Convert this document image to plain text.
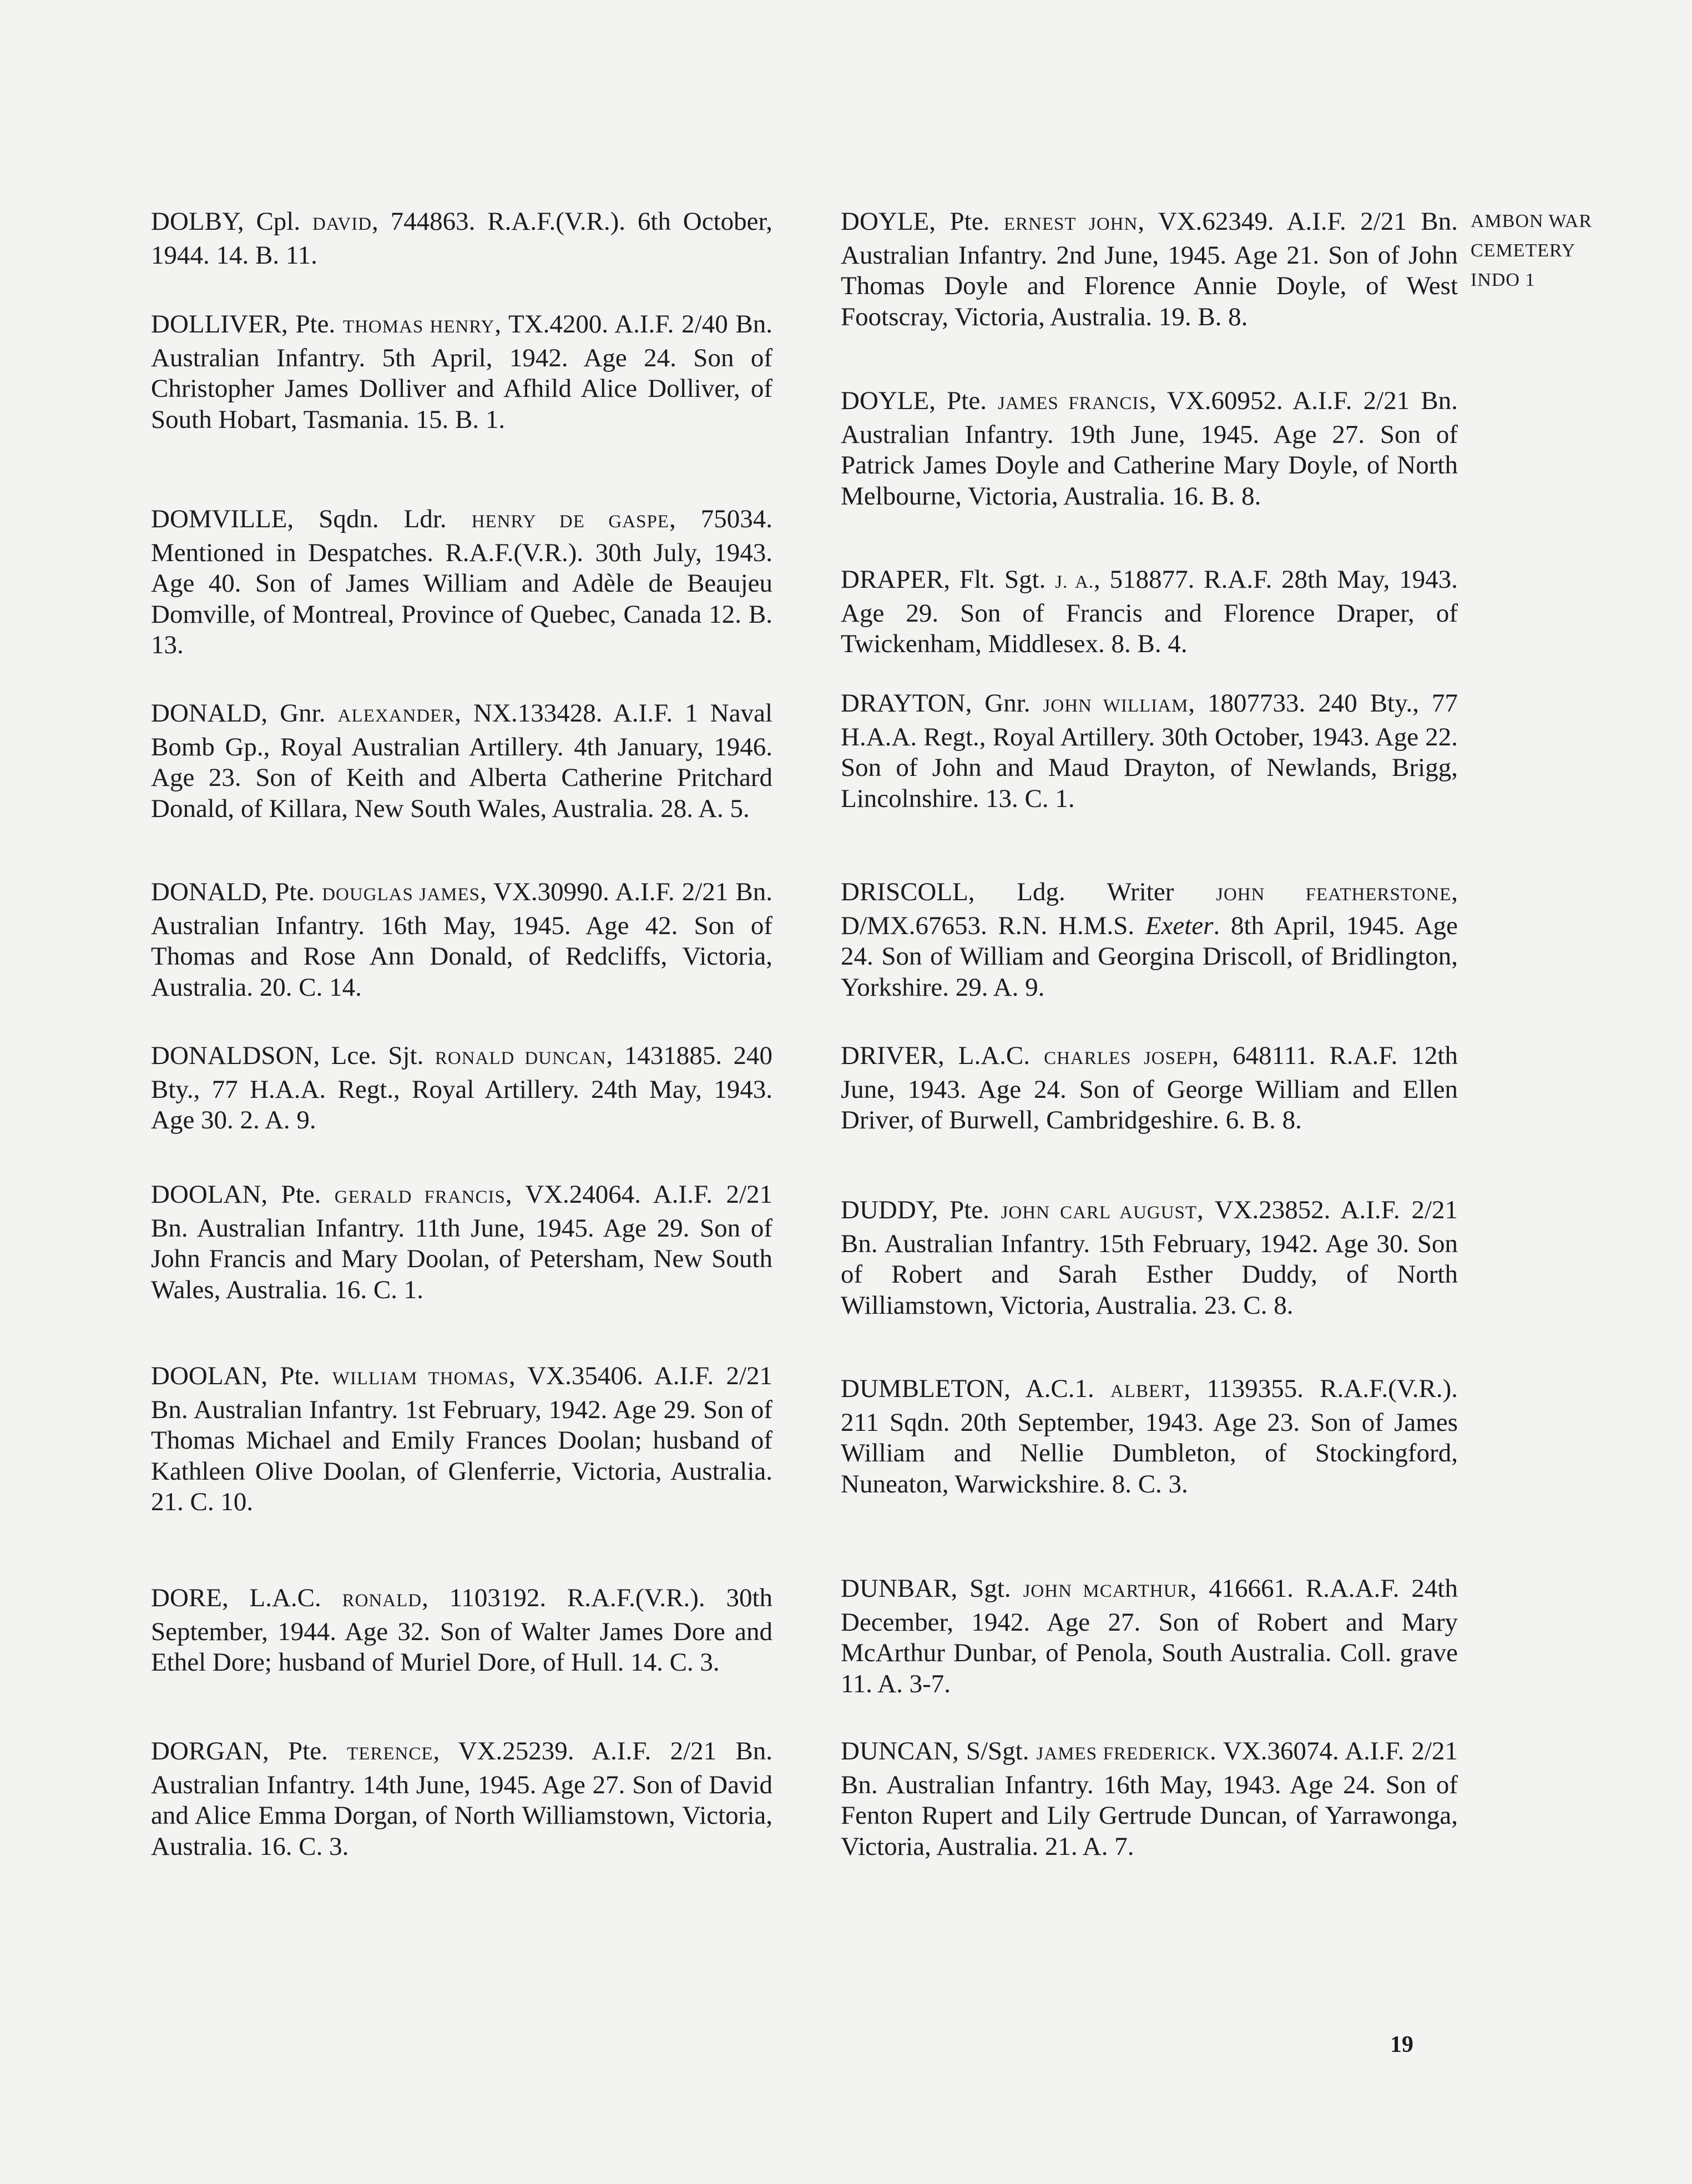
DOLBY, Cpl. DAVID, 744863. R.A.F.(V.R.). 6th October, 1944. 14. B. 11.

DOLLIVER, Pte. THOMAS HENRY, TX.4200. A.I.F. 2/40 Bn. Australian Infantry. 5th April, 1942. Age 24. Son of Christopher James Dolliver and Afhild Alice Dolliver, of South Hobart, Tasmania. 15. B. 1.

DOMVILLE, Sqdn. Ldr. HENRY DE GASPE, 75034. Mentioned in Despatches. R.A.F.(V.R.). 30th July, 1943. Age 40. Son of James William and Adèle de Beaujeu Domville, of Montreal, Province of Quebec, Canada 12. B. 13.

DONALD, Gnr. ALEXANDER, NX.133428. A.I.F. 1 Naval Bomb Gp., Royal Australian Artillery. 4th January, 1946. Age 23. Son of Keith and Alberta Catherine Pritchard Donald, of Killara, New South Wales, Australia. 28. A. 5.

DONALD, Pte. DOUGLAS JAMES, VX.30990. A.I.F. 2/21 Bn. Australian Infantry. 16th May, 1945. Age 42. Son of Thomas and Rose Ann Donald, of Redcliffs, Victoria, Australia. 20. C. 14.

DONALDSON, Lce. Sjt. RONALD DUNCAN, 1431885. 240 Bty., 77 H.A.A. Regt., Royal Artillery. 24th May, 1943. Age 30. 2. A. 9.

DOOLAN, Pte. GERALD FRANCIS, VX.24064. A.I.F. 2/21 Bn. Australian Infantry. 11th June, 1945. Age 29. Son of John Francis and Mary Doolan, of Petersham, New South Wales, Australia. 16. C. 1.

DOOLAN, Pte. WILLIAM THOMAS, VX.35406. A.I.F. 2/21 Bn. Australian Infantry. 1st February, 1942. Age 29. Son of Thomas Michael and Emily Frances Doolan; husband of Kathleen Olive Doolan, of Glenferrie, Victoria, Australia. 21. C. 10.

DORE, L.A.C. RONALD, 1103192. R.A.F.(V.R.). 30th September, 1944. Age 32. Son of Walter James Dore and Ethel Dore; husband of Muriel Dore, of Hull. 14. C. 3.

DORGAN, Pte. TERENCE, VX.25239. A.I.F. 2/21 Bn. Australian Infantry. 14th June, 1945. Age 27. Son of David and Alice Emma Dorgan, of North Williamstown, Victoria, Australia. 16. C. 3.

DOYLE, Pte. ERNEST JOHN, VX.62349. A.I.F. 2/21 Bn. Australian Infantry. 2nd June, 1945. Age 21. Son of John Thomas Doyle and Florence Annie Doyle, of West Footscray, Victoria, Australia. 19. B. 8.

DOYLE, Pte. JAMES FRANCIS, VX.60952. A.I.F. 2/21 Bn. Australian Infantry. 19th June, 1945. Age 27. Son of Patrick James Doyle and Catherine Mary Doyle, of North Melbourne, Victoria, Australia. 16. B. 8.

DRAPER, Flt. Sgt. J. A., 518877. R.A.F. 28th May, 1943. Age 29. Son of Francis and Florence Draper, of Twickenham, Middlesex. 8. B. 4.

DRAYTON, Gnr. JOHN WILLIAM, 1807733. 240 Bty., 77 H.A.A. Regt., Royal Artillery. 30th October, 1943. Age 22. Son of John and Maud Drayton, of Newlands, Brigg, Lincolnshire. 13. C. 1.

DRISCOLL, Ldg. Writer JOHN FEATHERSTONE, D/MX.67653. R.N. H.M.S. Exeter. 8th April, 1945. Age 24. Son of William and Georgina Driscoll, of Bridlington, Yorkshire. 29. A. 9.

DRIVER, L.A.C. CHARLES JOSEPH, 648111. R.A.F. 12th June, 1943. Age 24. Son of George William and Ellen Driver, of Burwell, Cambridgeshire. 6. B. 8.

DUDDY, Pte. JOHN CARL AUGUST, VX.23852. A.I.F. 2/21 Bn. Australian Infantry. 15th February, 1942. Age 30. Son of Robert and Sarah Esther Duddy, of North Williamstown, Victoria, Australia. 23. C. 8.

DUMBLETON, A.C.1. ALBERT, 1139355. R.A.F.(V.R.). 211 Sqdn. 20th September, 1943. Age 23. Son of James William and Nellie Dumbleton, of Stockingford, Nuneaton, Warwickshire. 8. C. 3.

DUNBAR, Sgt. JOHN MCARTHUR, 416661. R.A.A.F. 24th December, 1942. Age 27. Son of Robert and Mary McArthur Dunbar, of Penola, South Australia. Coll. grave 11. A. 3-7.

DUNCAN, S/Sgt. JAMES FREDERICK. VX.36074. A.I.F. 2/21 Bn. Australian Infantry. 16th May, 1943. Age 24. Son of Fenton Rupert and Lily Gertrude Duncan, of Yarrawonga, Victoria, Australia. 21. A. 7.

AMBON WAR
CEMETERY
INDO 1
19
